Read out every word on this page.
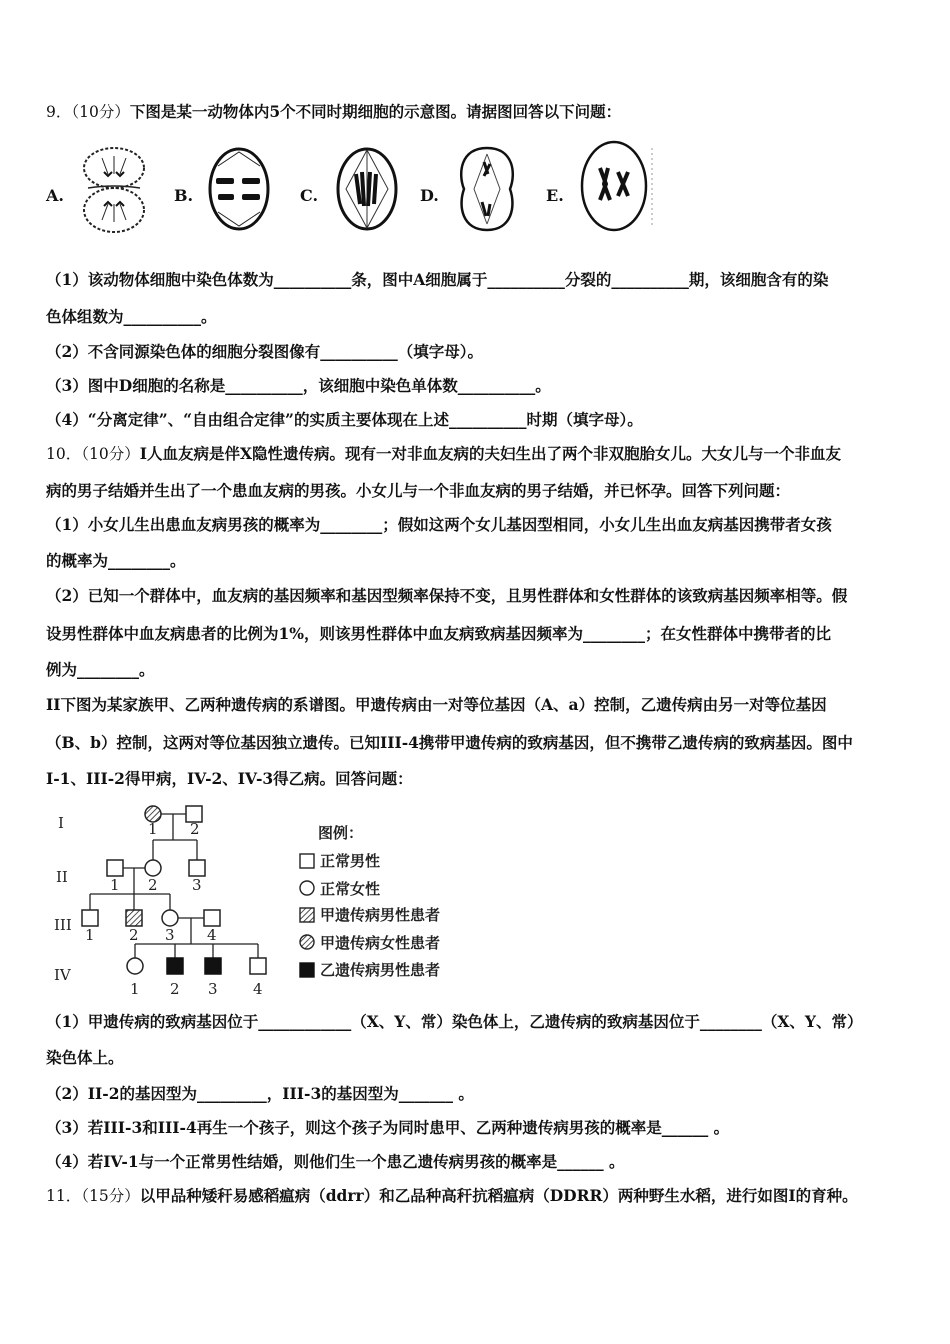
9．（10分）下图是某一动物体内5个不同时期细胞的示意图。请据图回答以下问题：
A.	B.	C.	D.	E.
（1）该动物体细胞中染色体数为__________条，图中A细胞属于__________分裂的__________期，该细胞含有的染
色体组数为__________。
（2）不含同源染色体的细胞分裂图像有__________（填字母）。
（3）图中D细胞的名称是__________，该细胞中染色单体数__________。
（4）“分离定律”、“自由组合定律”的实质主要体现在上述__________时期（填字母）。
10．（10分）I人血友病是伴X隐性遗传病。现有一对非血友病的夫妇生出了两个非双胞胎女儿。大女儿与一个非血友
病的男子结婚并生出了一个患血友病的男孩。小女儿与一个非血友病的男子结婚，并已怀孕。回答下列问题：
（1）小女儿生出患血友病男孩的概率为________；假如这两个女儿基因型相同，小女儿生出血友病基因携带者女孩
的概率为________。
（2）已知一个群体中，血友病的基因频率和基因型频率保持不变，且男性群体和女性群体的该致病基因频率相等。假
设男性群体中血友病患者的比例为1%，则该男性群体中血友病致病基因频率为________；在女性群体中携带者的比
例为________。
II下图为某家族甲、乙两种遗传病的系谱图。甲遗传病由一对等位基因（A、a）控制，乙遗传病由另一对等位基因
（B、b）控制，这两对等位基因独立遗传。已知III-4携带甲遗传病的致病基因，但不携带乙遗传病的致病基因。图中
I-1、III-2得甲病，IV-2、IV-3得乙病。回答问题：
I
II
III
IV
1 2
1 2 3
1 2 3 4
1 2 3 4
图例：
正常男性
正常女性
甲遗传病男性患者
甲遗传病女性患者
乙遗传病男性患者
（1）甲遗传病的致病基因位于____________（X、Y、常）染色体上，乙遗传病的致病基因位于________（X、Y、常）
染色体上。
（2）II-2的基因型为_________，III-3的基因型为_______ 。
（3）若III-3和III-4再生一个孩子，则这个孩子为同时患甲、乙两种遗传病男孩的概率是______ 。
（4）若IV-1与一个正常男性结婚，则他们生一个患乙遗传病男孩的概率是______ 。
11．（15分）以甲品种矮秆易感稻瘟病（ddrr）和乙品种高秆抗稻瘟病（DDRR）两种野生水稻，进行如图I的育种。
